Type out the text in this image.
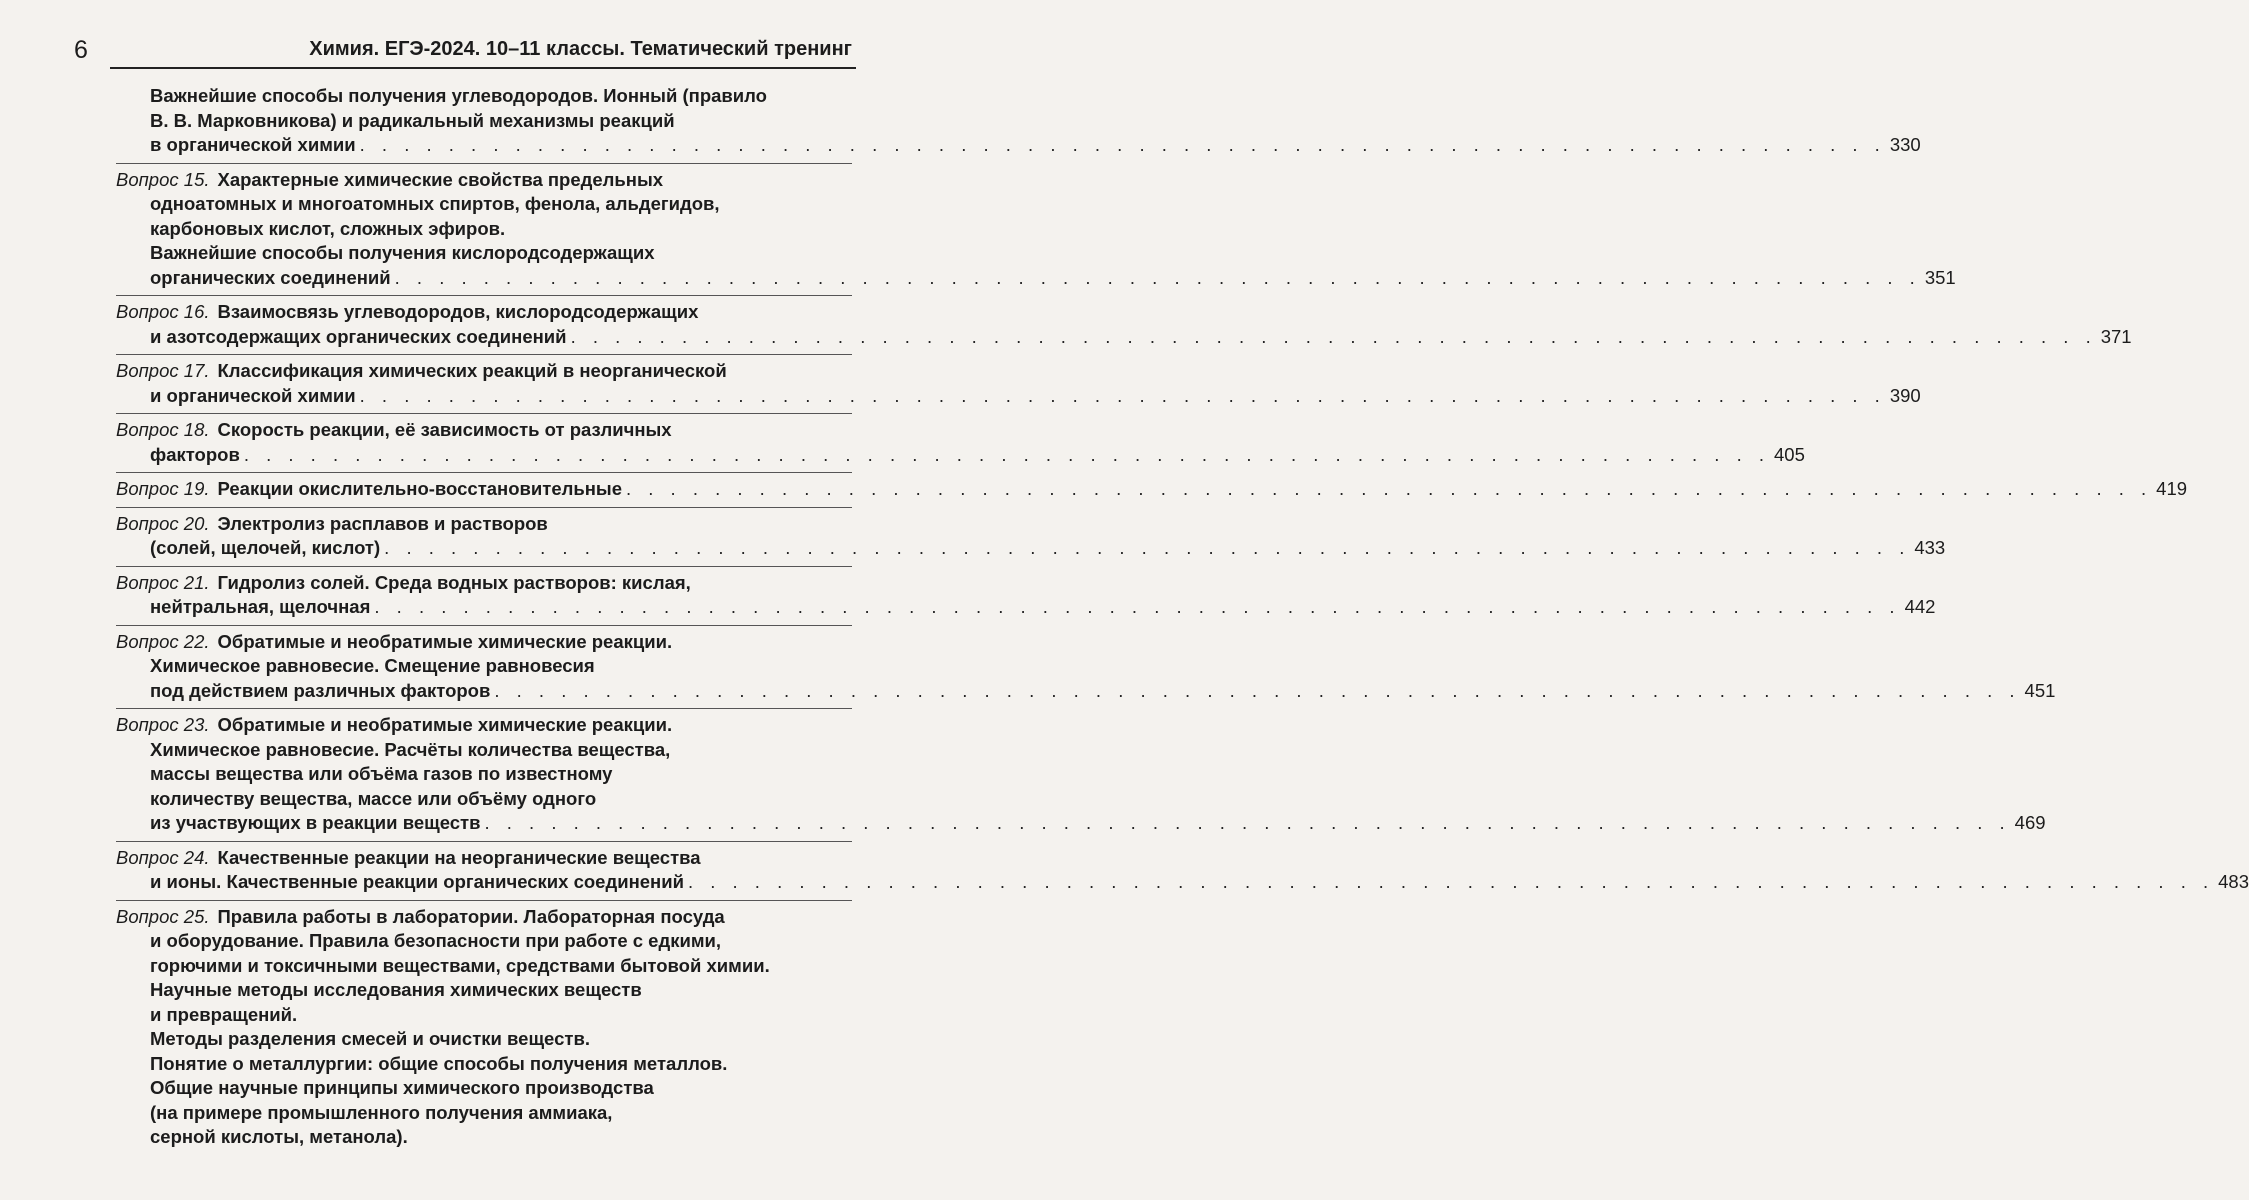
6	Химия. ЕГЭ-2024. 10–11 классы. Тематический тренинг
Важнейшие способы получения углеводородов. Ионный (правило
В. В. Марковникова) и радикальный механизмы реакций
в органической химии . . . . . . . . . . . . . . . . . . . . . . . . . . . . . . . . . . . . . . . . . . . . . . . . . . . . . . . . . . . . . . . . . . . . . 330
Вопрос 15. Характерные химические свойства предельных
одноатомных и многоатомных спиртов, фенола, альдегидов,
карбоновых кислот, сложных эфиров.
Важнейшие способы получения кислородсодержащих
органических соединений . . . . . . . . . . . . . . . . . . . . . . . . . . . . . . . . . . . . . . . . . . . . . . . . . . . . . . . . . . . . . . . . . . . . . 351
Вопрос 16. Взаимосвязь углеводородов, кислородсодержащих
и азотсодержащих органических соединений . . . . . . . . . . . . . . . . . . . . . . . . . . . . . . . . . . . . . . . . . . . . . . . . . . . . . . . . . . . . . . . . . . . . . 371
Вопрос 17. Классификация химических реакций в неорганической
и органической химии . . . . . . . . . . . . . . . . . . . . . . . . . . . . . . . . . . . . . . . . . . . . . . . . . . . . . . . . . . . . . . . . . . . . . 390
Вопрос 18. Скорость реакции, её зависимость от различных
факторов . . . . . . . . . . . . . . . . . . . . . . . . . . . . . . . . . . . . . . . . . . . . . . . . . . . . . . . . . . . . . . . . . . . . . 405
Вопрос 19. Реакции окислительно-восстановительные . . . . . . . . . . . . . . . . . . . . . . . . . . . . . . . . . . . . . . . . . . . . . . . . . . . . . . . . . . . . . . . . . . . . . 419
Вопрос 20. Электролиз расплавов и растворов
(солей, щелочей, кислот) . . . . . . . . . . . . . . . . . . . . . . . . . . . . . . . . . . . . . . . . . . . . . . . . . . . . . . . . . . . . . . . . . . . . . 433
Вопрос 21. Гидролиз солей. Среда водных растворов: кислая,
нейтральная, щелочная . . . . . . . . . . . . . . . . . . . . . . . . . . . . . . . . . . . . . . . . . . . . . . . . . . . . . . . . . . . . . . . . . . . . . 442
Вопрос 22. Обратимые и необратимые химические реакции.
Химическое равновесие. Смещение равновесия
под действием различных факторов . . . . . . . . . . . . . . . . . . . . . . . . . . . . . . . . . . . . . . . . . . . . . . . . . . . . . . . . . . . . . . . . . . . . . 451
Вопрос 23. Обратимые и необратимые химические реакции.
Химическое равновесие. Расчёты количества вещества,
массы вещества или объёма газов по известному
количеству вещества, массе или объёму одного
из участвующих в реакции веществ . . . . . . . . . . . . . . . . . . . . . . . . . . . . . . . . . . . . . . . . . . . . . . . . . . . . . . . . . . . . . . . . . . . . . 469
Вопрос 24. Качественные реакции на неорганические вещества
и ионы. Качественные реакции органических соединений . . . . . . . . . . . . . . . . . . . . . . . . . . . . . . . . . . . . . . . . . . . . . . . . . . . . . . . . . . . . . . . . . . . . . 483
Вопрос 25. Правила работы в лаборатории. Лабораторная посуда
и оборудование. Правила безопасности при работе с едкими,
горючими и токсичными веществами, средствами бытовой химии.
Научные методы исследования химических веществ
и превращений.
Методы разделения смесей и очистки веществ.
Понятие о металлургии: общие способы получения металлов.
Общие научные принципы химического производства
(на примере промышленного получения аммиака,
серной кислоты, метанола).
